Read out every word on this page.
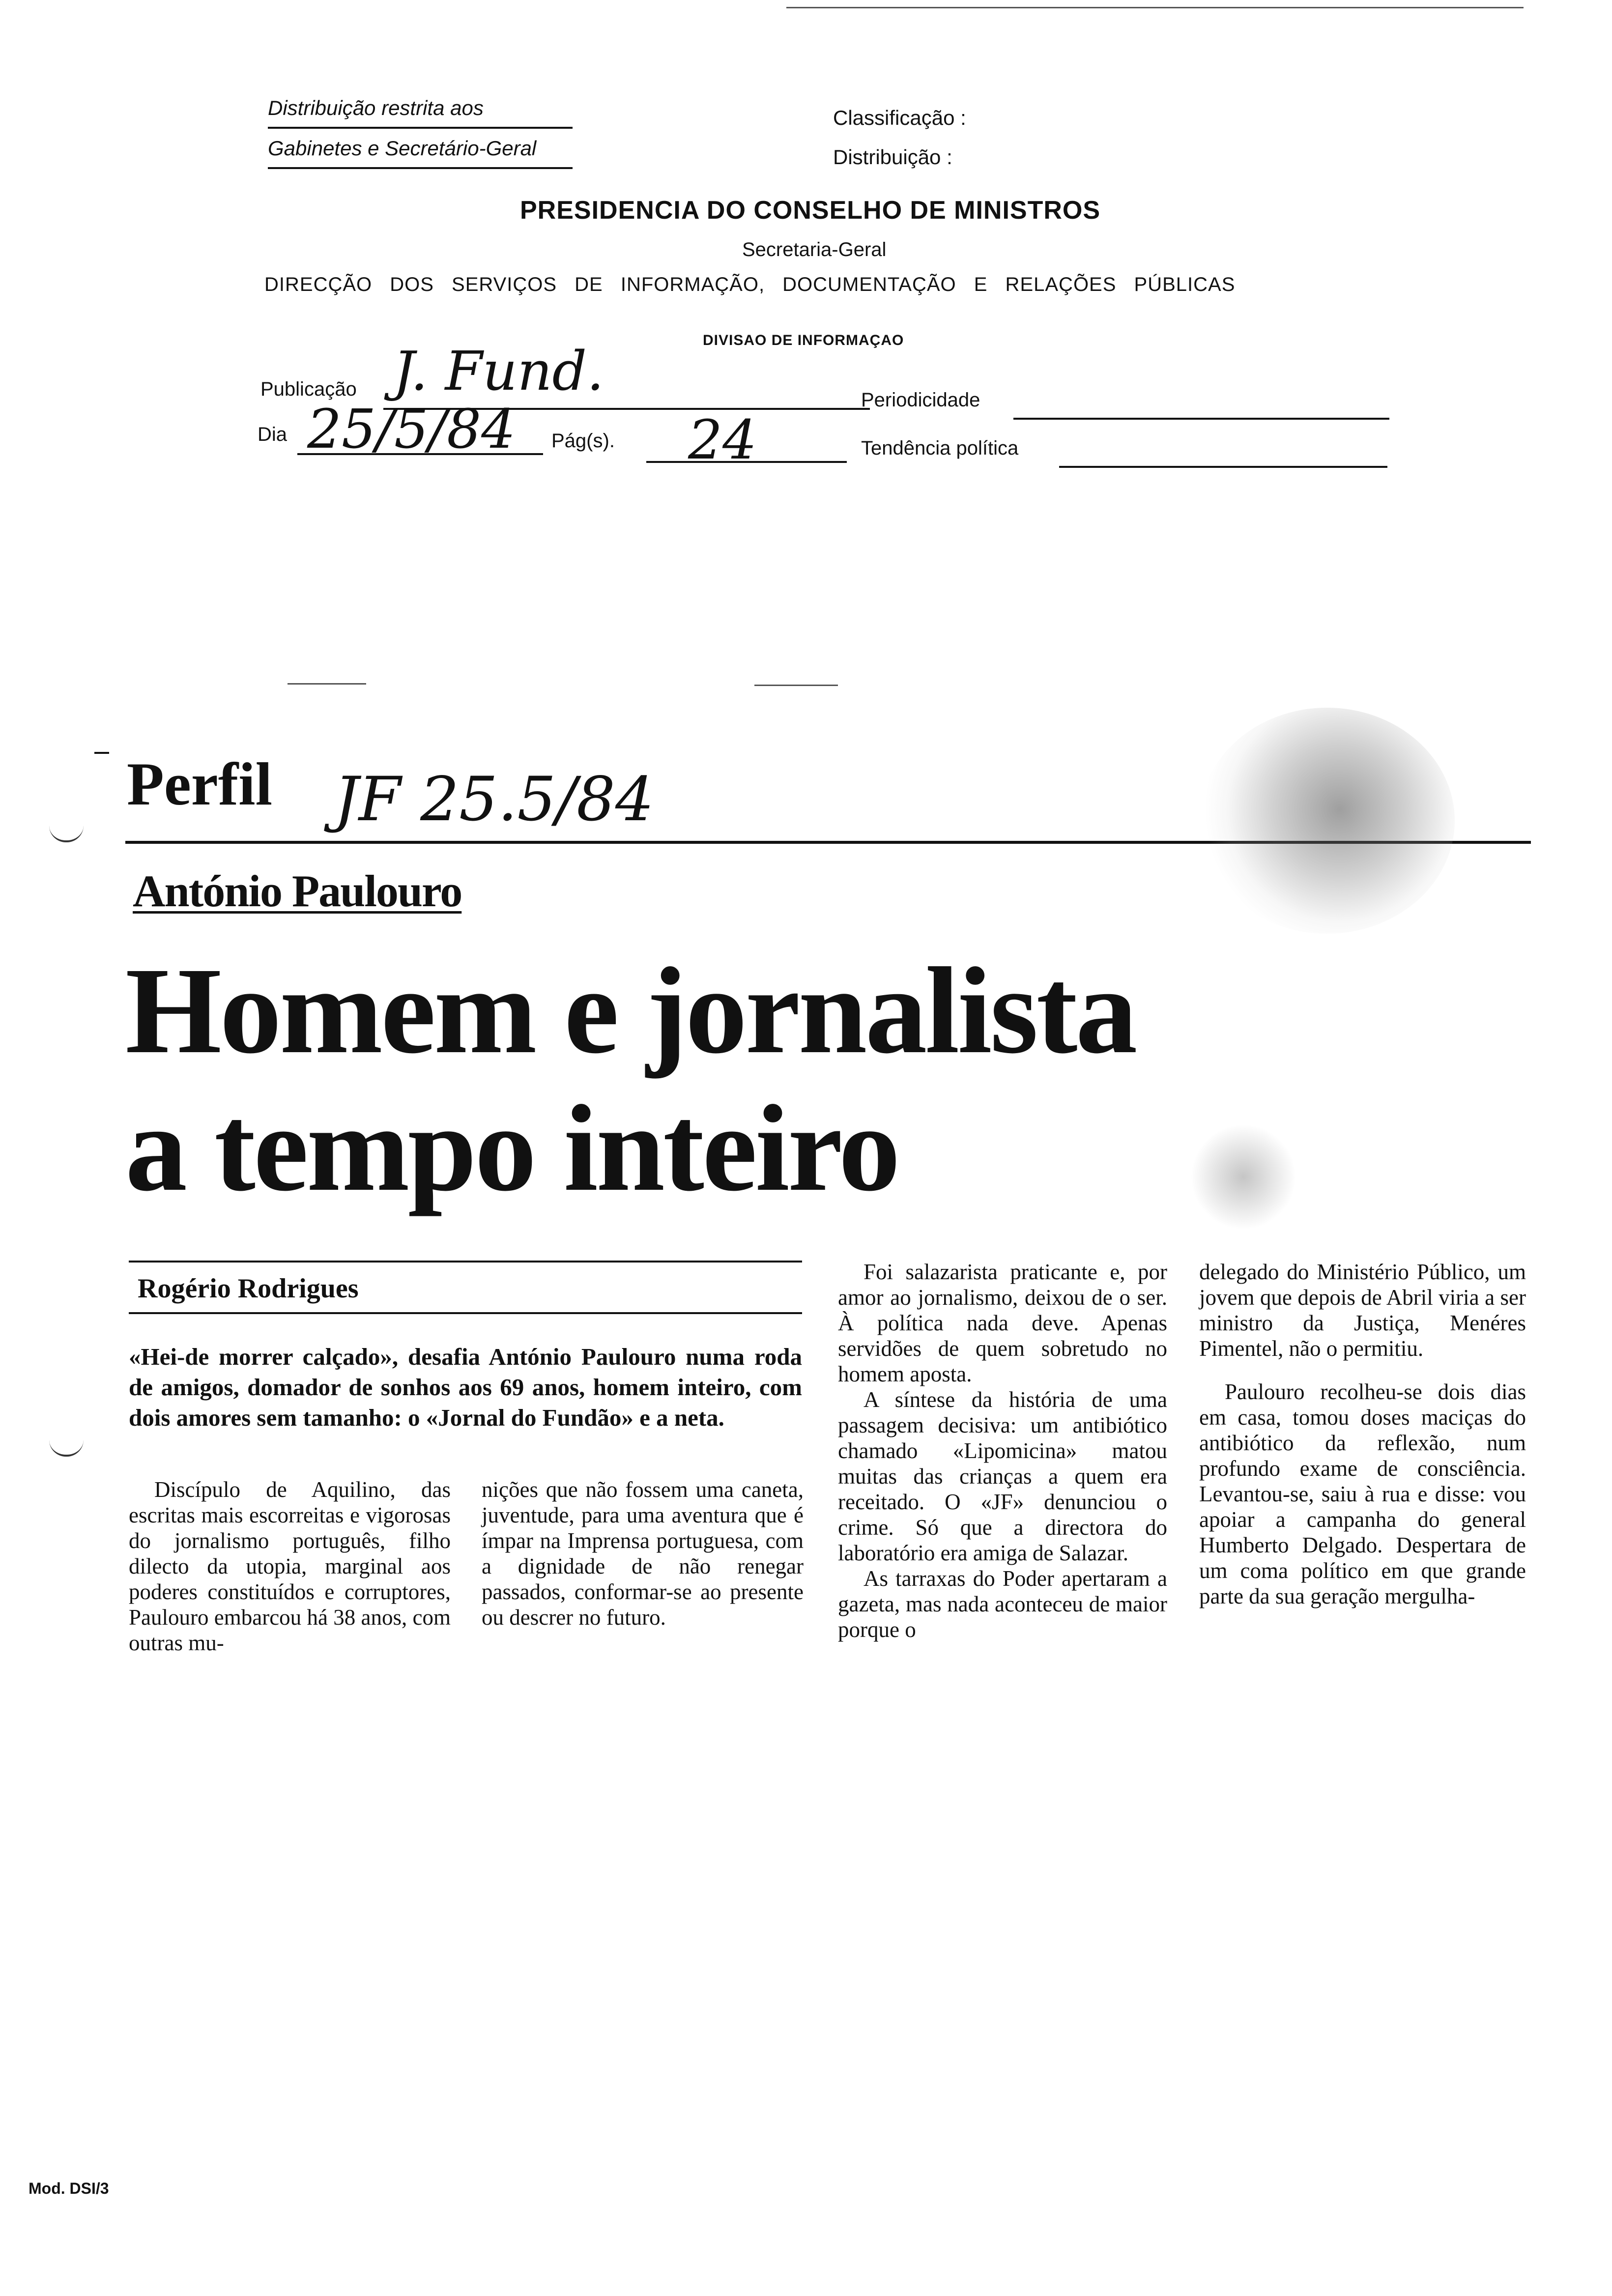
Distribuição restrita aos
Gabinetes e Secretário-Geral
Classificação :
Distribuição :
PRESIDENCIA DO CONSELHO DE MINISTROS
Secretaria-Geral
DIRECÇÃO DOS SERVIÇOS DE INFORMAÇÃO, DOCUMENTAÇÃO E RELAÇÕES PÚBLICAS
DIVISAO DE INFORMAÇAO
Publicação J. Fund.	Periodicidade
Dia 25/5/84 Pág(s). 24	Tendência política
Perfil JF 25.5/84
António Paulouro
Homem e jornalista
a tempo inteiro
Rogério Rodrigues
«Hei-de morrer calçado», desafia António Paulouro numa roda de amigos, domador de sonhos aos 69 anos, homem inteiro, com dois amores sem tamanho: o «Jornal do Fundão» e a neta.

Discípulo de Aquilino, das escritas mais escorreitas e vigorosas do jornalismo português, filho dilecto da utopia, marginal aos poderes constituídos e corruptores, Paulouro embarcou há 38 anos, com outras mu-

nições que não fossem uma caneta, juventude, para uma aventura que é ímpar na Imprensa portuguesa, com a dignidade de não renegar passados, conformar-se ao presente ou descrer no futuro.

Foi salazarista praticante e, por amor ao jornalismo, deixou de o ser. À política nada deve. Apenas servidões de quem sobretudo no homem aposta.

A síntese da história de uma passagem decisiva: um antibiótico chamado «Lipomicina» matou muitas das crianças a quem era receitado. O «JF» denunciou o crime. Só que a directora do laboratório era amiga de Salazar.

As tarraxas do Poder apertaram a gazeta, mas nada aconteceu de maior porque o

delegado do Ministério Público, um jovem que depois de Abril viria a ser ministro da Justiça, Menéres Pimentel, não o permitiu.

Paulouro recolheu-se dois dias em casa, tomou doses maciças do antibiótico da reflexão, num profundo exame de consciência. Levantou-se, saiu à rua e disse: vou apoiar a campanha do general Humberto Delgado. Despertara de um coma político em que grande parte da sua geração mergulha-

Mod. DSI/3
